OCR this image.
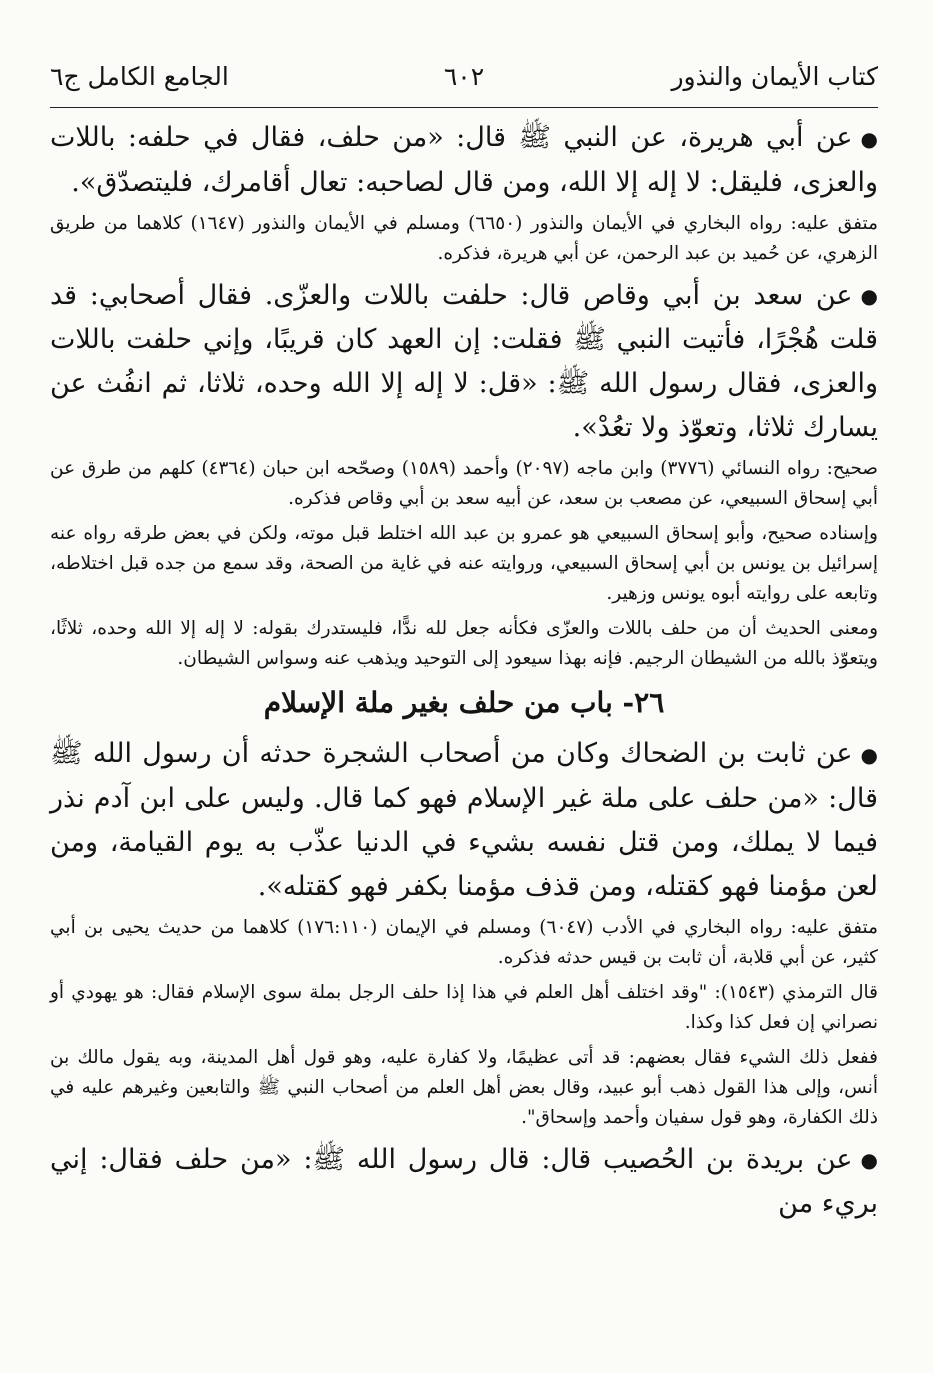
كتاب الأيمان والنذور
٦٠٢
الجامع الكامل ج٦

●عن أبي هريرة، عن النبي ﷺ قال: «من حلف، فقال في حلفه: باللات والعزى، فليقل: لا إله إلا الله، ومن قال لصاحبه: تعال أقامرك، فليتصدّق».

متفق عليه: رواه البخاري في الأيمان والنذور (٦٦٥٠) ومسلم في الأيمان والنذور (١٦٤٧) كلاهما من طريق الزهري، عن حُميد بن عبد الرحمن، عن أبي هريرة، فذكره.

●عن سعد بن أبي وقاص قال: حلفت باللات والعزّى. فقال أصحابي: قد قلت هُجْرًا، فأتيت النبي ﷺ فقلت: إن العهد كان قريبًا، وإني حلفت باللات والعزى، فقال رسول الله ﷺ: «قل: لا إله إلا الله وحده، ثلاثا، ثم انفُث عن يسارك ثلاثا، وتعوّذ ولا تعُدْ».

صحيح: رواه النسائي (٣٧٧٦) وابن ماجه (٢٠٩٧) وأحمد (١٥٨٩) وصحّحه ابن حبان (٤٣٦٤) كلهم من طرق عن أبي إسحاق السبيعي، عن مصعب بن سعد، عن أبيه سعد بن أبي وقاص فذكره.

وإسناده صحيح، وأبو إسحاق السبيعي هو عمرو بن عبد الله اختلط قبل موته، ولكن في بعض طرقه رواه عنه إسرائيل بن يونس بن أبي إسحاق السبيعي، وروايته عنه في غاية من الصحة، وقد سمع من جده قبل اختلاطه، وتابعه على روايته أبوه يونس وزهير.

ومعنى الحديث أن من حلف باللات والعزّى فكأنه جعل لله ندًّا، فليستدرك بقوله: لا إله إلا الله وحده، ثلاثًا، ويتعوّذ بالله من الشيطان الرجيم. فإنه بهذا سيعود إلى التوحيد ويذهب عنه وسواس الشيطان.

٢٦- باب من حلف بغير ملة الإسلام

●عن ثابت بن الضحاك وكان من أصحاب الشجرة حدثه أن رسول الله ﷺ قال: «من حلف على ملة غير الإسلام فهو كما قال. وليس على ابن آدم نذر فيما لا يملك، ومن قتل نفسه بشيء في الدنيا عذّب به يوم القيامة، ومن لعن مؤمنا فهو كقتله، ومن قذف مؤمنا بكفر فهو كقتله».

متفق عليه: رواه البخاري في الأدب (٦٠٤٧) ومسلم في الإيمان (١٧٦:١١٠) كلاهما من حديث يحيى بن أبي كثير، عن أبي قلابة، أن ثابت بن قيس حدثه فذكره.

قال الترمذي (١٥٤٣): "وقد اختلف أهل العلم في هذا إذا حلف الرجل بملة سوى الإسلام فقال: هو يهودي أو نصراني إن فعل كذا وكذا.

ففعل ذلك الشيء فقال بعضهم: قد أتى عظيمًا، ولا كفارة عليه، وهو قول أهل المدينة، وبه يقول مالك بن أنس، وإلى هذا القول ذهب أبو عبيد، وقال بعض أهل العلم من أصحاب النبي ﷺ والتابعين وغيرهم عليه في ذلك الكفارة، وهو قول سفيان وأحمد وإسحاق".

●عن بريدة بن الحُصيب قال: قال رسول الله ﷺ: «من حلف فقال: إني بريء من
